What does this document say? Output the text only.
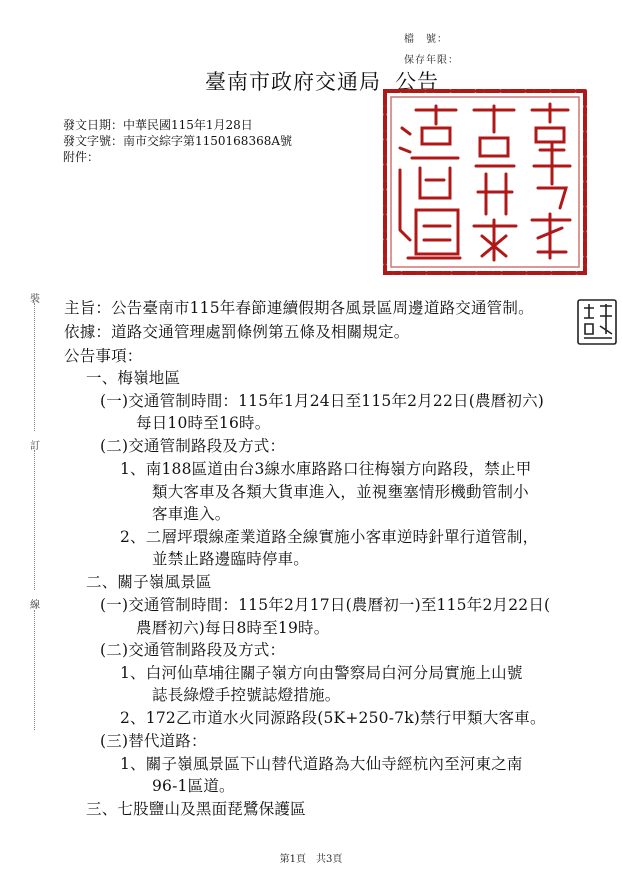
檔　號：
保存年限：
臺南市政府交通局 公告
發文日期：中華民國115年1月28日
發文字號：南市交綜字第1150168368A號
附件：
裝
訂
線
主旨：公告臺南市115年春節連續假期各風景區周邊道路交通管制。
依據：道路交通管理處罰條例第五條及相關規定。
公告事項：
一、梅嶺地區
(一)交通管制時間：115年1月24日至115年2月22日(農曆初六)
每日10時至16時。
(二)交通管制路段及方式：
1、南188區道由台3線水庫路路口往梅嶺方向路段，禁止甲
類大客車及各類大貨車進入，並視壅塞情形機動管制小
客車進入。
2、二層坪環線產業道路全線實施小客車逆時針單行道管制，
並禁止路邊臨時停車。
二、關子嶺風景區
(一)交通管制時間：115年2月17日(農曆初一)至115年2月22日(
農曆初六)每日8時至19時。
(二)交通管制路段及方式：
1、白河仙草埔往關子嶺方向由警察局白河分局實施上山號
誌長綠燈手控號誌燈措施。
2、172乙市道水火同源路段(5K+250-7k)禁行甲類大客車。
(三)替代道路：
1、關子嶺風景區下山替代道路為大仙寺經杭內至河東之南
96-1區道。
三、七股鹽山及黑面琵鷺保護區
第1頁　共3頁
